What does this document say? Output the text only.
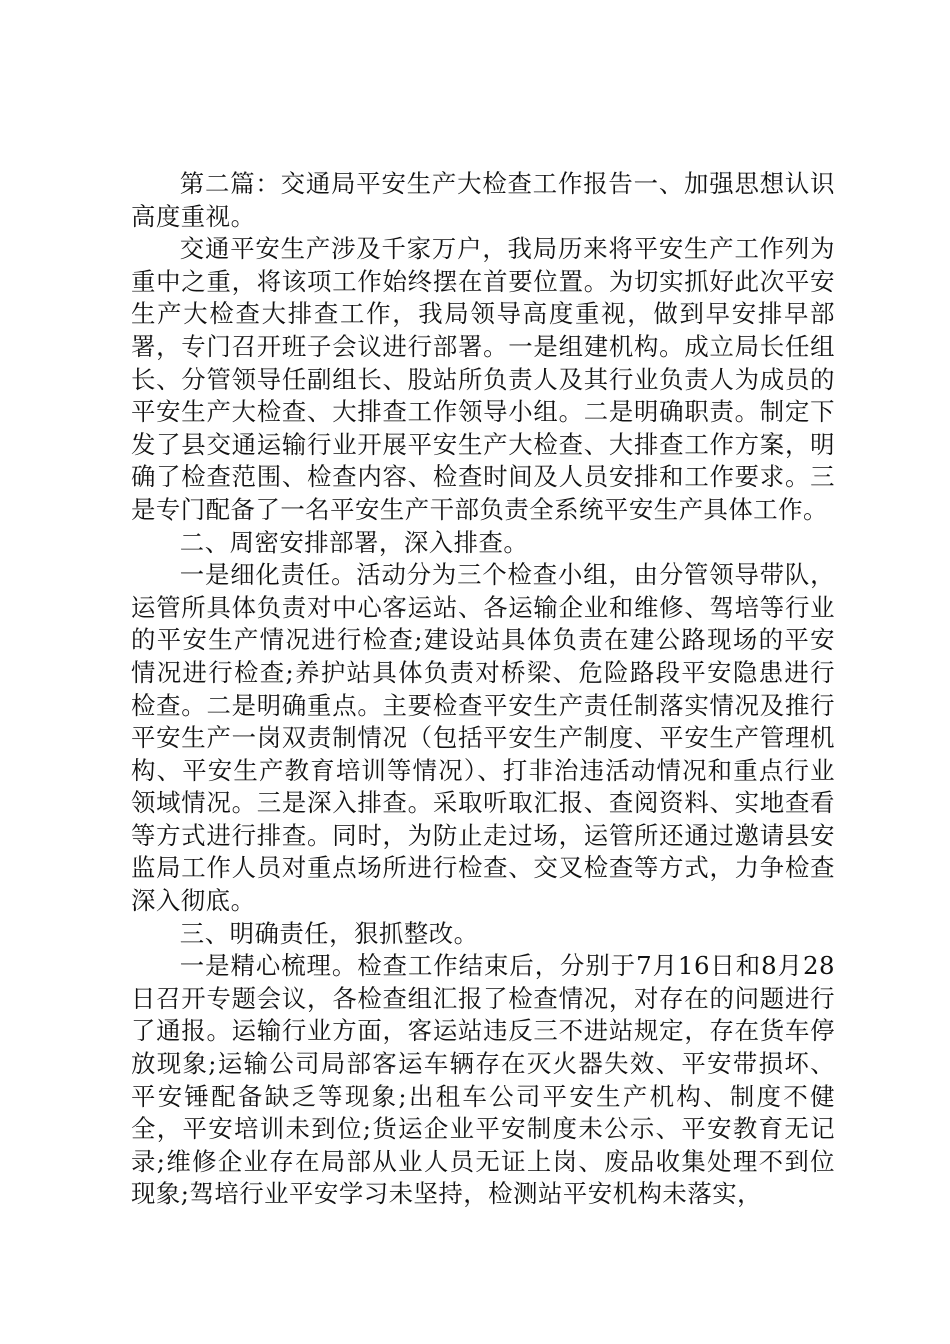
第二篇：交通局平安生产大检查工作报告一、加强思想认识高度重视。

交通平安生产涉及千家万户，我局历来将平安生产工作列为重中之重，将该项工作始终摆在首要位置。为切实抓好此次平安生产大检查大排查工作，我局领导高度重视，做到早安排早部署，专门召开班子会议进行部署。一是组建机构。成立局长任组长、分管领导任副组长、股站所负责人及其行业负责人为成员的平安生产大检查、大排查工作领导小组。二是明确职责。制定下发了县交通运输行业开展平安生产大检查、大排查工作方案，明确了检查范围、检查内容、检查时间及人员安排和工作要求。三是专门配备了一名平安生产干部负责全系统平安生产具体工作。

二、周密安排部署，深入排查。

一是细化责任。活动分为三个检查小组，由分管领导带队，运管所具体负责对中心客运站、各运输企业和维修、驾培等行业的平安生产情况进行检查;建设站具体负责在建公路现场的平安情况进行检查;养护站具体负责对桥梁、危险路段平安隐患进行检查。二是明确重点。主要检查平安生产责任制落实情况及推行平安生产一岗双责制情况（包括平安生产制度、平安生产管理机构、平安生产教育培训等情况）、打非治违活动情况和重点行业领域情况。三是深入排查。采取听取汇报、查阅资料、实地查看等方式进行排查。同时，为防止走过场，运管所还通过邀请县安监局工作人员对重点场所进行检查、交叉检查等方式，力争检查深入彻底。

三、明确责任，狠抓整改。

一是精心梳理。检查工作结束后，分别于7月16日和8月28日召开专题会议，各检查组汇报了检查情况，对存在的问题进行了通报。运输行业方面，客运站违反三不进站规定，存在货车停放现象;运输公司局部客运车辆存在灭火器失效、平安带损坏、平安锤配备缺乏等现象;出租车公司平安生产机构、制度不健全，平安培训未到位;货运企业平安制度未公示、平安教育无记录;维修企业存在局部从业人员无证上岗、废品收集处理不到位现象;驾培行业平安学习未坚持，检测站平安机构未落实，
